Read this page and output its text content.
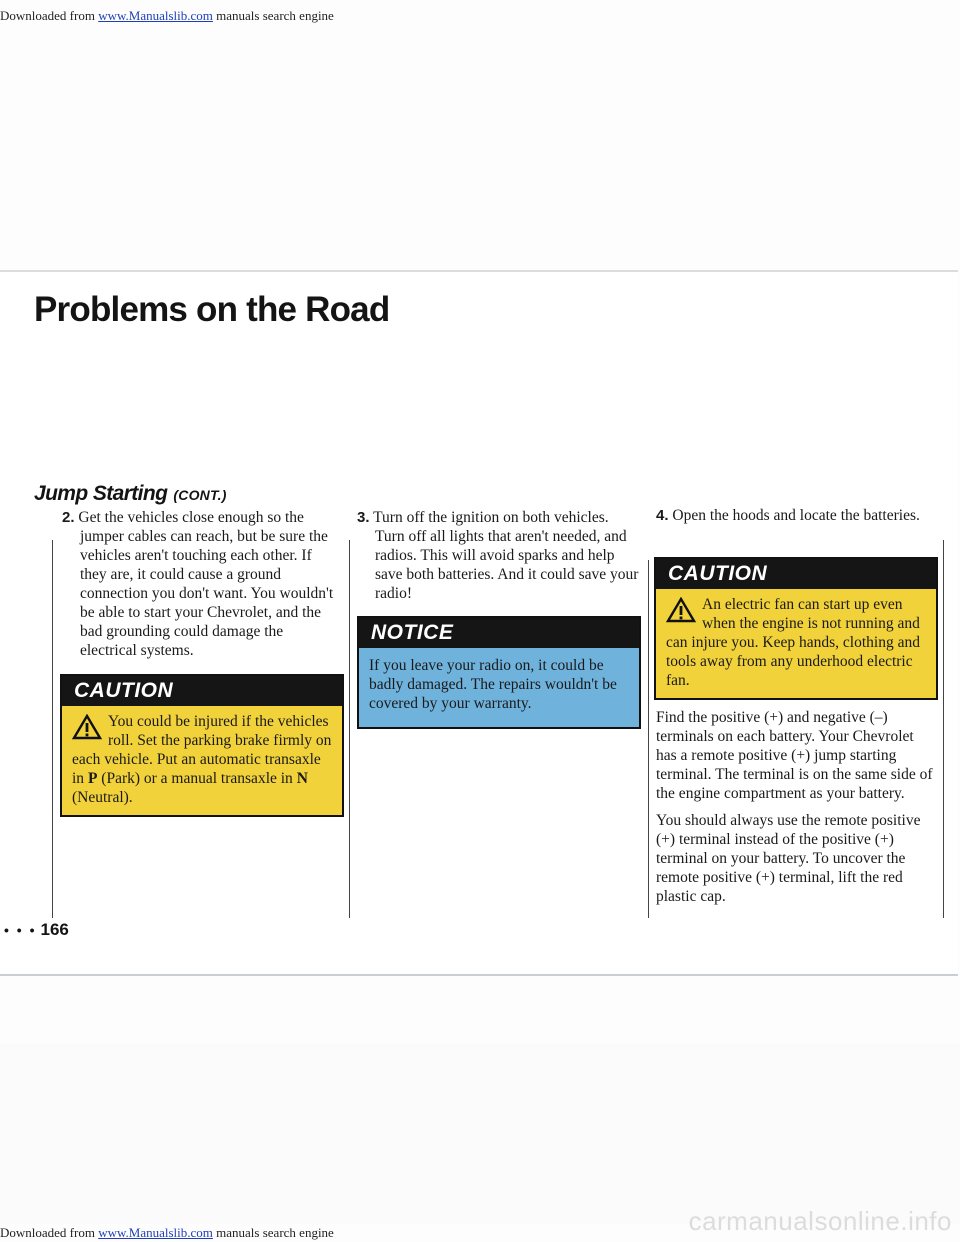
Downloaded from www.Manualslib.com manuals search engine
Problems on the Road
Jump Starting (CONT.)

2. Get the vehicles close enough so the jumper cables can reach, but be sure the vehicles aren't touching each other. If they are, it could cause a ground connection you don't want. You wouldn't be able to start your Chevrolet, and the bad grounding could damage the electrical systems.

CAUTION
You could be injured if the vehicles roll. Set the parking brake firmly on each vehicle. Put an automatic transaxle in P (Park) or a manual transaxle in N (Neutral).

3. Turn off the ignition on both vehicles. Turn off all lights that aren't needed, and radios. This will avoid sparks and help save both batteries. And it could save your radio!

NOTICE
If you leave your radio on, it could be badly damaged. The repairs wouldn't be covered by your warranty.

4. Open the hoods and locate the batteries.

CAUTION
An electric fan can start up even when the engine is not running and can injure you. Keep hands, clothing and tools away from any underhood electric fan.

Find the positive (+) and negative (–) terminals on each battery. Your Chevrolet has a remote positive (+) jump starting terminal. The terminal is on the same side of the engine compartment as your battery.

You should always use the remote positive (+) terminal instead of the positive (+) terminal on your battery. To uncover the remote positive (+) terminal, lift the red plastic cap.

• • • 166
carmanualsonline.info
Downloaded from www.Manualslib.com manuals search engine
